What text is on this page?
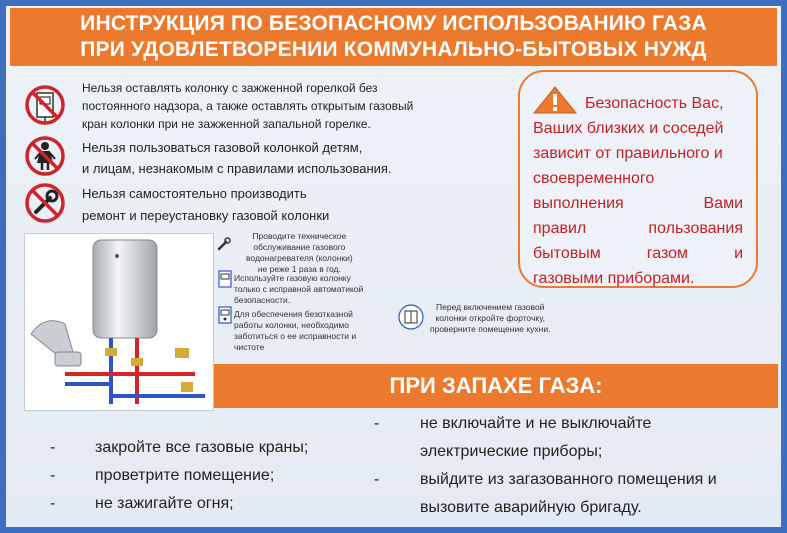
ИНСТРУКЦИЯ ПО БЕЗОПАСНОМУ ИСПОЛЬЗОВАНИЮ ГАЗА
ПРИ УДОВЛЕТВОРЕНИИ КОММУНАЛЬНО-БЫТОВЫХ НУЖД
Нельзя оставлять колонку с зажженной горелкой без
постоянного надзора, а также оставлять открытым газовый
кран колонки при не зажженной запальной горелке.
Нельзя пользоваться газовой колонкой детям,
и лицам, незнакомым с правилами использования.
Нельзя самостоятельно производить
ремонт и переустановку газовой колонки
Безопасность Вас,
Ваших близких и соседей
зависит от правильного и
своевременного
выполнения Вами
правил пользования
бытовым газом и
газовыми приборами.
Проводите техническое
обслуживание газового
водонагревателя (колонки)
не реже 1 раза в год.
Используйте газовую колонку
только с исправной автоматикой
безопасности.
Для обеспечения безотказной
работы колонки, необходимо
заботиться о ее исправности и
чистоте
Перед включением газовой
колонки откройте форточку,
проверните помещение кухни.
ПРИ ЗАПАХЕ ГАЗА:
- закройте все газовые краны;
- проветрите помещение;
- не зажигайте огня;
-	не включайте и не выключайте
электрические приборы;
-	выйдите из загазованного помещения и
вызовите аварийную бригаду.
